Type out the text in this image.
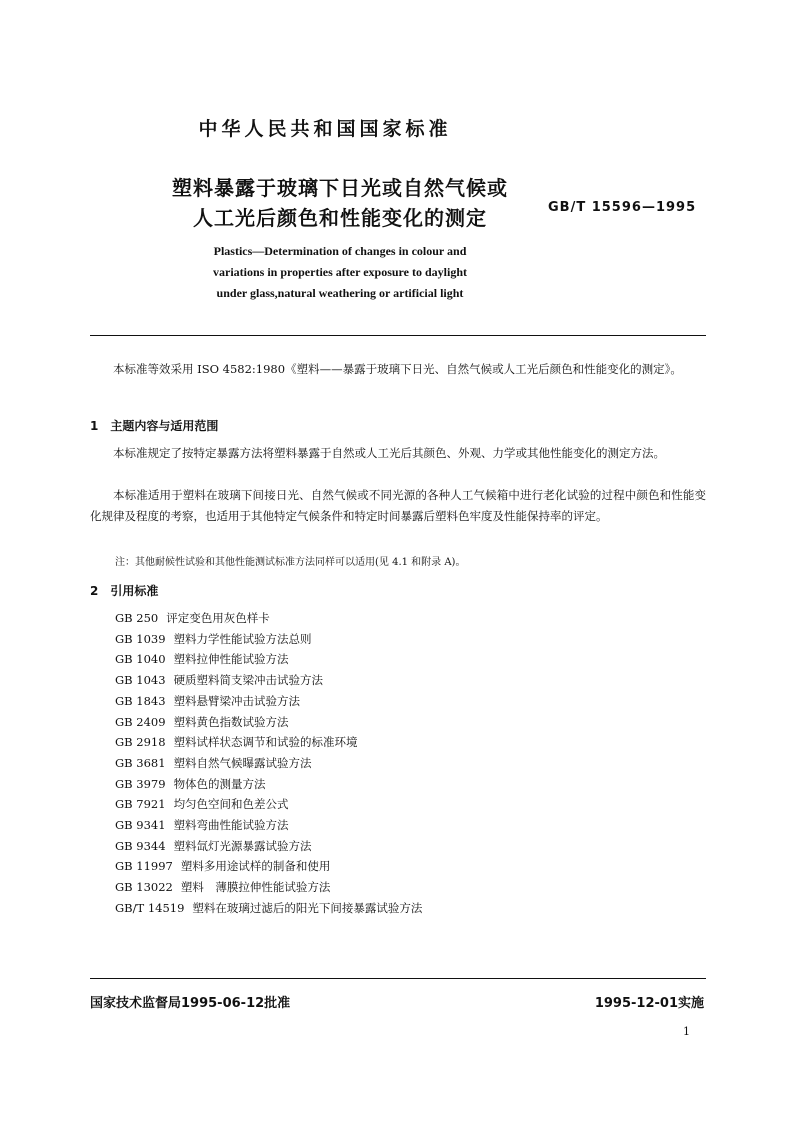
中华人民共和国国家标准
塑料暴露于玻璃下日光或自然气候或
人工光后颜色和性能变化的测定	GB/T 15596—1995
Plastics—Determination of changes in colour and
variations in properties after exposure to daylight
under glass,natural weathering or artificial light
本标准等效采用 ISO 4582:1980《塑料——暴露于玻璃下日光、自然气候或人工光后颜色和性能变化的测定》。
1　主题内容与适用范围
本标准规定了按特定暴露方法将塑料暴露于自然或人工光后其颜色、外观、力学或其他性能变化的测定方法。
本标准适用于塑料在玻璃下间接日光、自然气候或不同光源的各种人工气候箱中进行老化试验的过程中颜色和性能变化规律及程度的考察，也适用于其他特定气候条件和特定时间暴露后塑料色牢度及性能保持率的评定。
注：其他耐候性试验和其他性能测试标准方法同样可以适用(见 4.1 和附录 A)。
2　引用标准
GB 250 评定变色用灰色样卡
GB 1039 塑料力学性能试验方法总则
GB 1040 塑料拉伸性能试验方法
GB 1043 硬质塑料简支梁冲击试验方法
GB 1843 塑料悬臂梁冲击试验方法
GB 2409 塑料黄色指数试验方法
GB 2918 塑料试样状态调节和试验的标准环境
GB 3681 塑料自然气候曝露试验方法
GB 3979 物体色的测量方法
GB 7921 均匀色空间和色差公式
GB 9341 塑料弯曲性能试验方法
GB 9344 塑料氙灯光源暴露试验方法
GB 11997 塑料多用途试样的制备和使用
GB 13022 塑料　薄膜拉伸性能试验方法
GB/T 14519 塑料在玻璃过滤后的阳光下间接暴露试验方法
国家技术监督局1995-06-12批准	1995-12-01实施
1
